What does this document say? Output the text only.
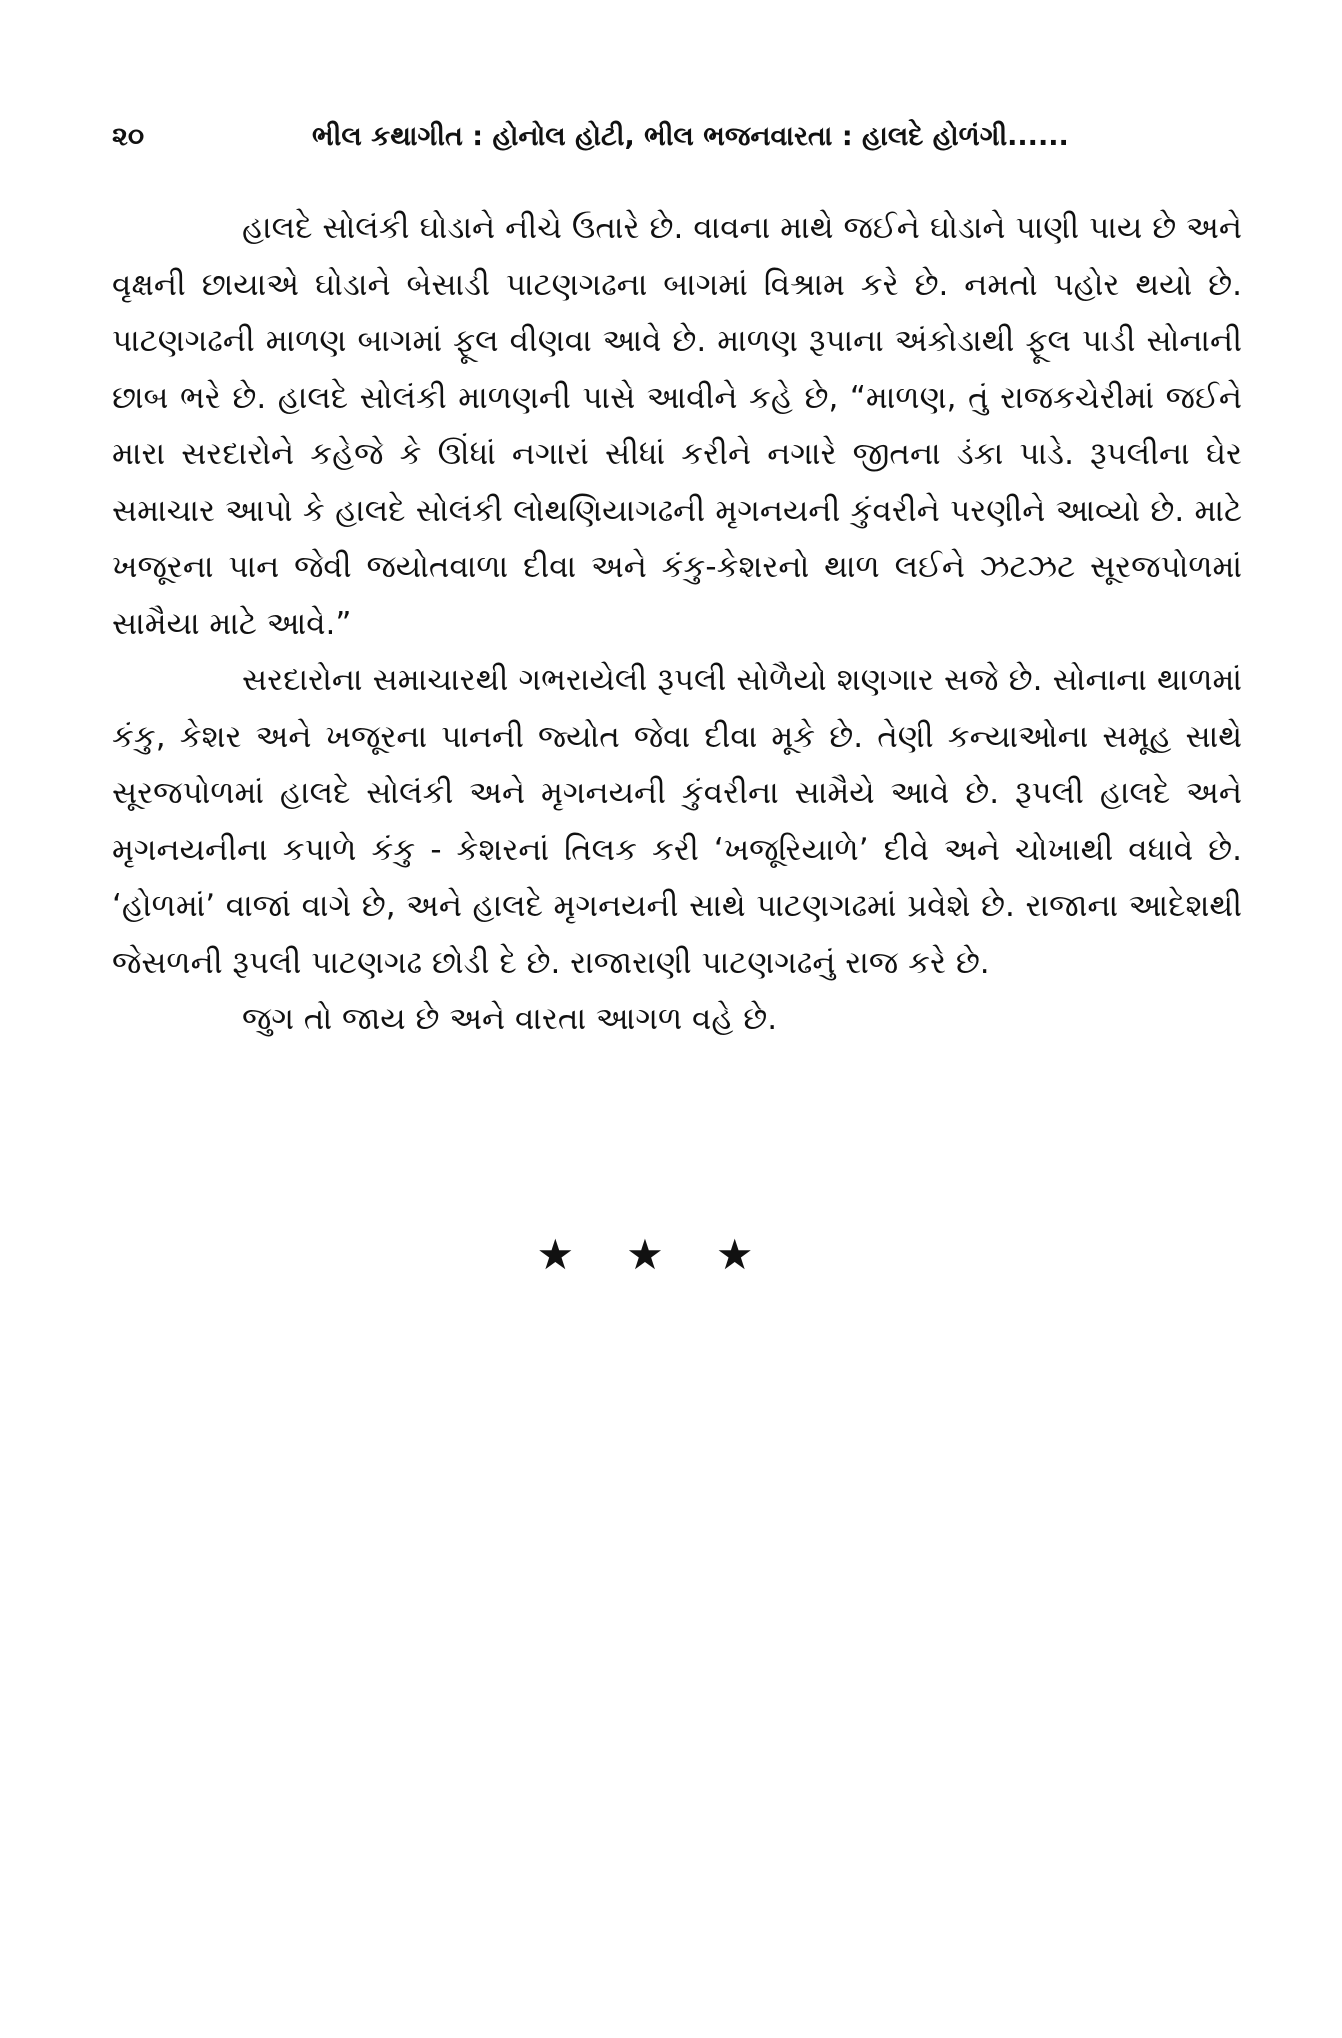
૨૦	ભીલ કથાગીત : હોનોલ હોટી, ભીલ ભજનવારતા : હાલદે હોળંગી......

હાલદે સોલંકી ઘોડાને નીચે ઉતારે છે. વાવના માથે જઈને ઘોડાને પાણી પાય છે અને વૃક્ષની છાયાએ ઘોડાને બેસાડી પાટણગઢના બાગમાં વિશ્રામ કરે છે. નમતો પહોર થયો છે. પાટણગઢની માળણ બાગમાં ફૂલ વીણવા આવે છે. માળણ રૂપાના અંકોડાથી ફૂલ પાડી સોનાની છાબ ભરે છે. હાલદે સોલંકી માળણની પાસે આવીને કહે છે, “માળણ, તું રાજકચેરીમાં જઈને મારા સરદારોને કહેજે કે ઊંધાં નગારાં સીધાં કરીને નગારે જીતના ડંકા પાડે. રૂપલીના ઘેર સમાચાર આપો કે હાલદે સોલંકી લોથણિયાગઢની મૃગનયની કુંવરીને પરણીને આવ્યો છે. માટે ખજૂરના પાન જેવી જયોતવાળા દીવા અને કંકુ-કેશરનો થાળ લઈને ઝટઝટ સૂરજપોળમાં સામૈયા માટે આવે.”

સરદારોના સમાચારથી ગભરાયેલી રૂપલી સોળૈયો શણગાર સજે છે. સોનાના થાળમાં કંકુ, કેશર અને ખજૂરના પાનની જ્યોત જેવા દીવા મૂકે છે. તેણી કન્યાઓના સમૂહ સાથે સૂરજપોળમાં હાલદે સોલંકી અને મૃગનયની કુંવરીના સામૈયે આવે છે. રૂપલી હાલદે અને મૃગનયનીના કપાળે કંકુ - કેશરનાં તિલક કરી ‘ખજૂરિયાળે’ દીવે અને ચોખાથી વધાવે છે. ‘હોળમાં’ વાજાં વાગે છે, અને હાલદે મૃગનયની સાથે પાટણગઢમાં પ્રવેશે છે. રાજાના આદેશથી જેસળની રૂપલી પાટણગઢ છોડી દે છે. રાજારાણી પાટણગઢનું રાજ કરે છે.

જુગ તો જાય છે અને વારતા આગળ વહે છે.

★★★
